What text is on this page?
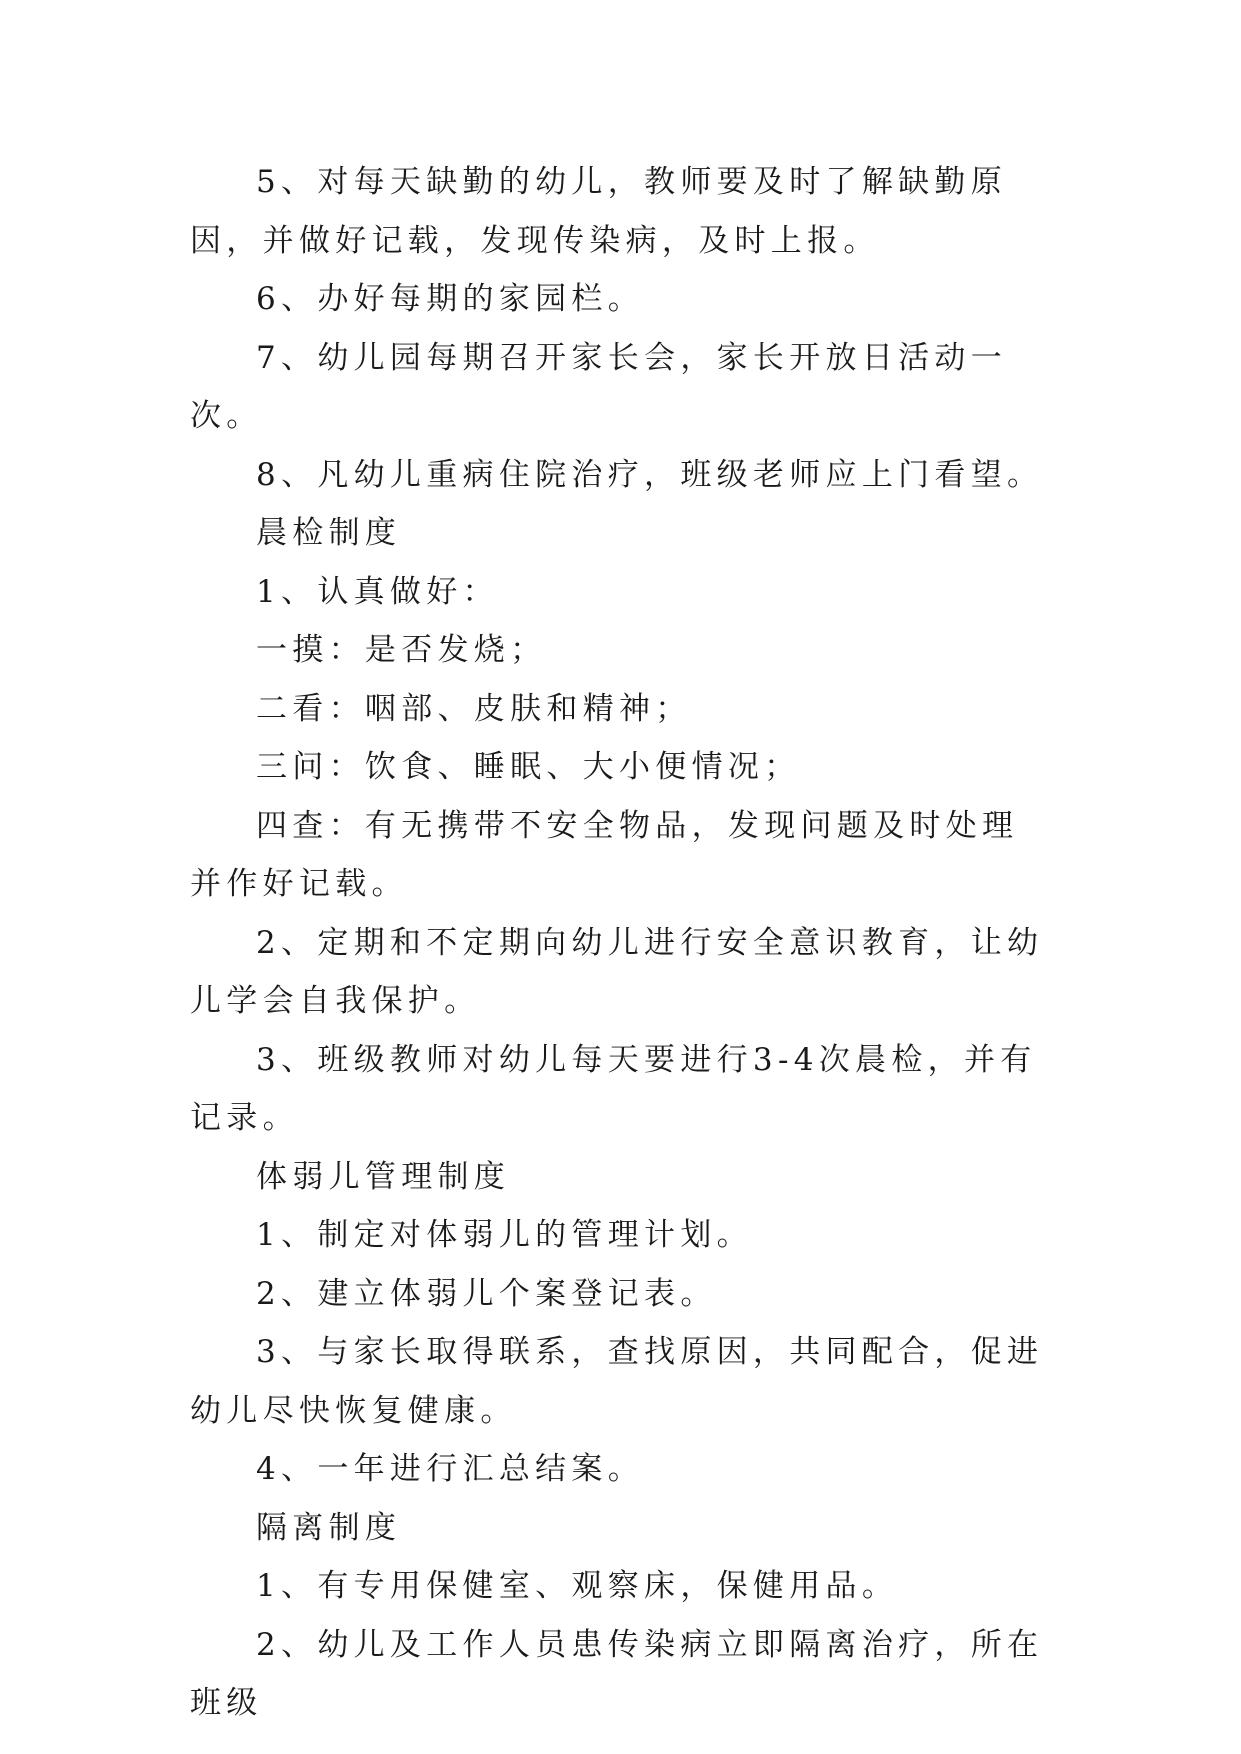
5、对每天缺勤的幼儿，教师要及时了解缺勤原因，并做好记载，发现传染病，及时上报。

6、办好每期的家园栏。

7、幼儿园每期召开家长会，家长开放日活动一次。

8、凡幼儿重病住院治疗，班级老师应上门看望。

晨检制度

1、认真做好：

一摸：是否发烧；

二看：咽部、皮肤和精神；

三问：饮食、睡眠、大小便情况；

四查：有无携带不安全物品，发现问题及时处理并作好记载。

2、定期和不定期向幼儿进行安全意识教育，让幼儿学会自我保护。

3、班级教师对幼儿每天要进行3-4次晨检，并有记录。

体弱儿管理制度

1、制定对体弱儿的管理计划。

2、建立体弱儿个案登记表。

3、与家长取得联系，查找原因，共同配合，促进幼儿尽快恢复健康。

4、一年进行汇总结案。

隔离制度

1、有专用保健室、观察床，保健用品。

2、幼儿及工作人员患传染病立即隔离治疗，所在班级
